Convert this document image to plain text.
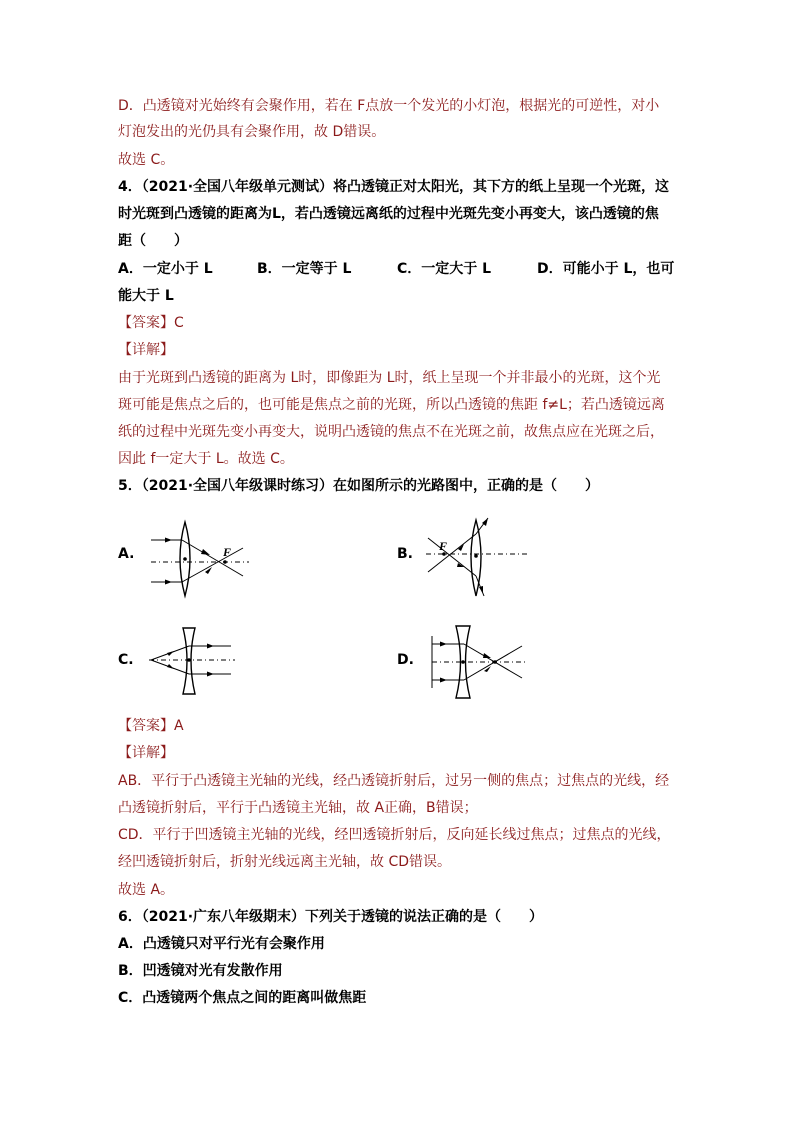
D．凸透镜对光始终有会聚作用，若在 F点放一个发光的小灯泡，根据光的可逆性，对小
灯泡发出的光仍具有会聚作用，故 D错误。
故选 C。
4．（2021·全国八年级单元测试）将凸透镜正对太阳光，其下方的纸上呈现一个光斑，这
时光斑到凸透镜的距离为L，若凸透镜远离纸的过程中光斑先变小再变大，该凸透镜的焦
距（　　）
A．一定小于 L	B．一定等于 L	C．一定大于 L	D．可能小于 L，也可
能大于 L
【答案】C
【详解】
由于光斑到凸透镜的距离为 L时，即像距为 L时，纸上呈现一个并非最小的光斑，这个光
斑可能是焦点之后的，也可能是焦点之前的光斑，所以凸透镜的焦距 f≠L；若凸透镜远离
纸的过程中光斑先变小再变大，说明凸透镜的焦点不在光斑之前，故焦点应在光斑之后，
因此 f一定大于 L。故选 C。
5．（2021·全国八年级课时练习）在如图所示的光路图中，正确的是（　　）
A.	F	B. F
C.	D.
【答案】A
【详解】
AB．平行于凸透镜主光轴的光线，经凸透镜折射后，过另一侧的焦点；过焦点的光线，经
凸透镜折射后，平行于凸透镜主光轴，故 A正确，B错误；
CD．平行于凹透镜主光轴的光线，经凹透镜折射后，反向延长线过焦点；过焦点的光线，
经凹透镜折射后，折射光线远离主光轴，故 CD错误。
故选 A。
6．（2021·广东八年级期末）下列关于透镜的说法正确的是（　　）
A．凸透镜只对平行光有会聚作用
B．凹透镜对光有发散作用
C．凸透镜两个焦点之间的距离叫做焦距
